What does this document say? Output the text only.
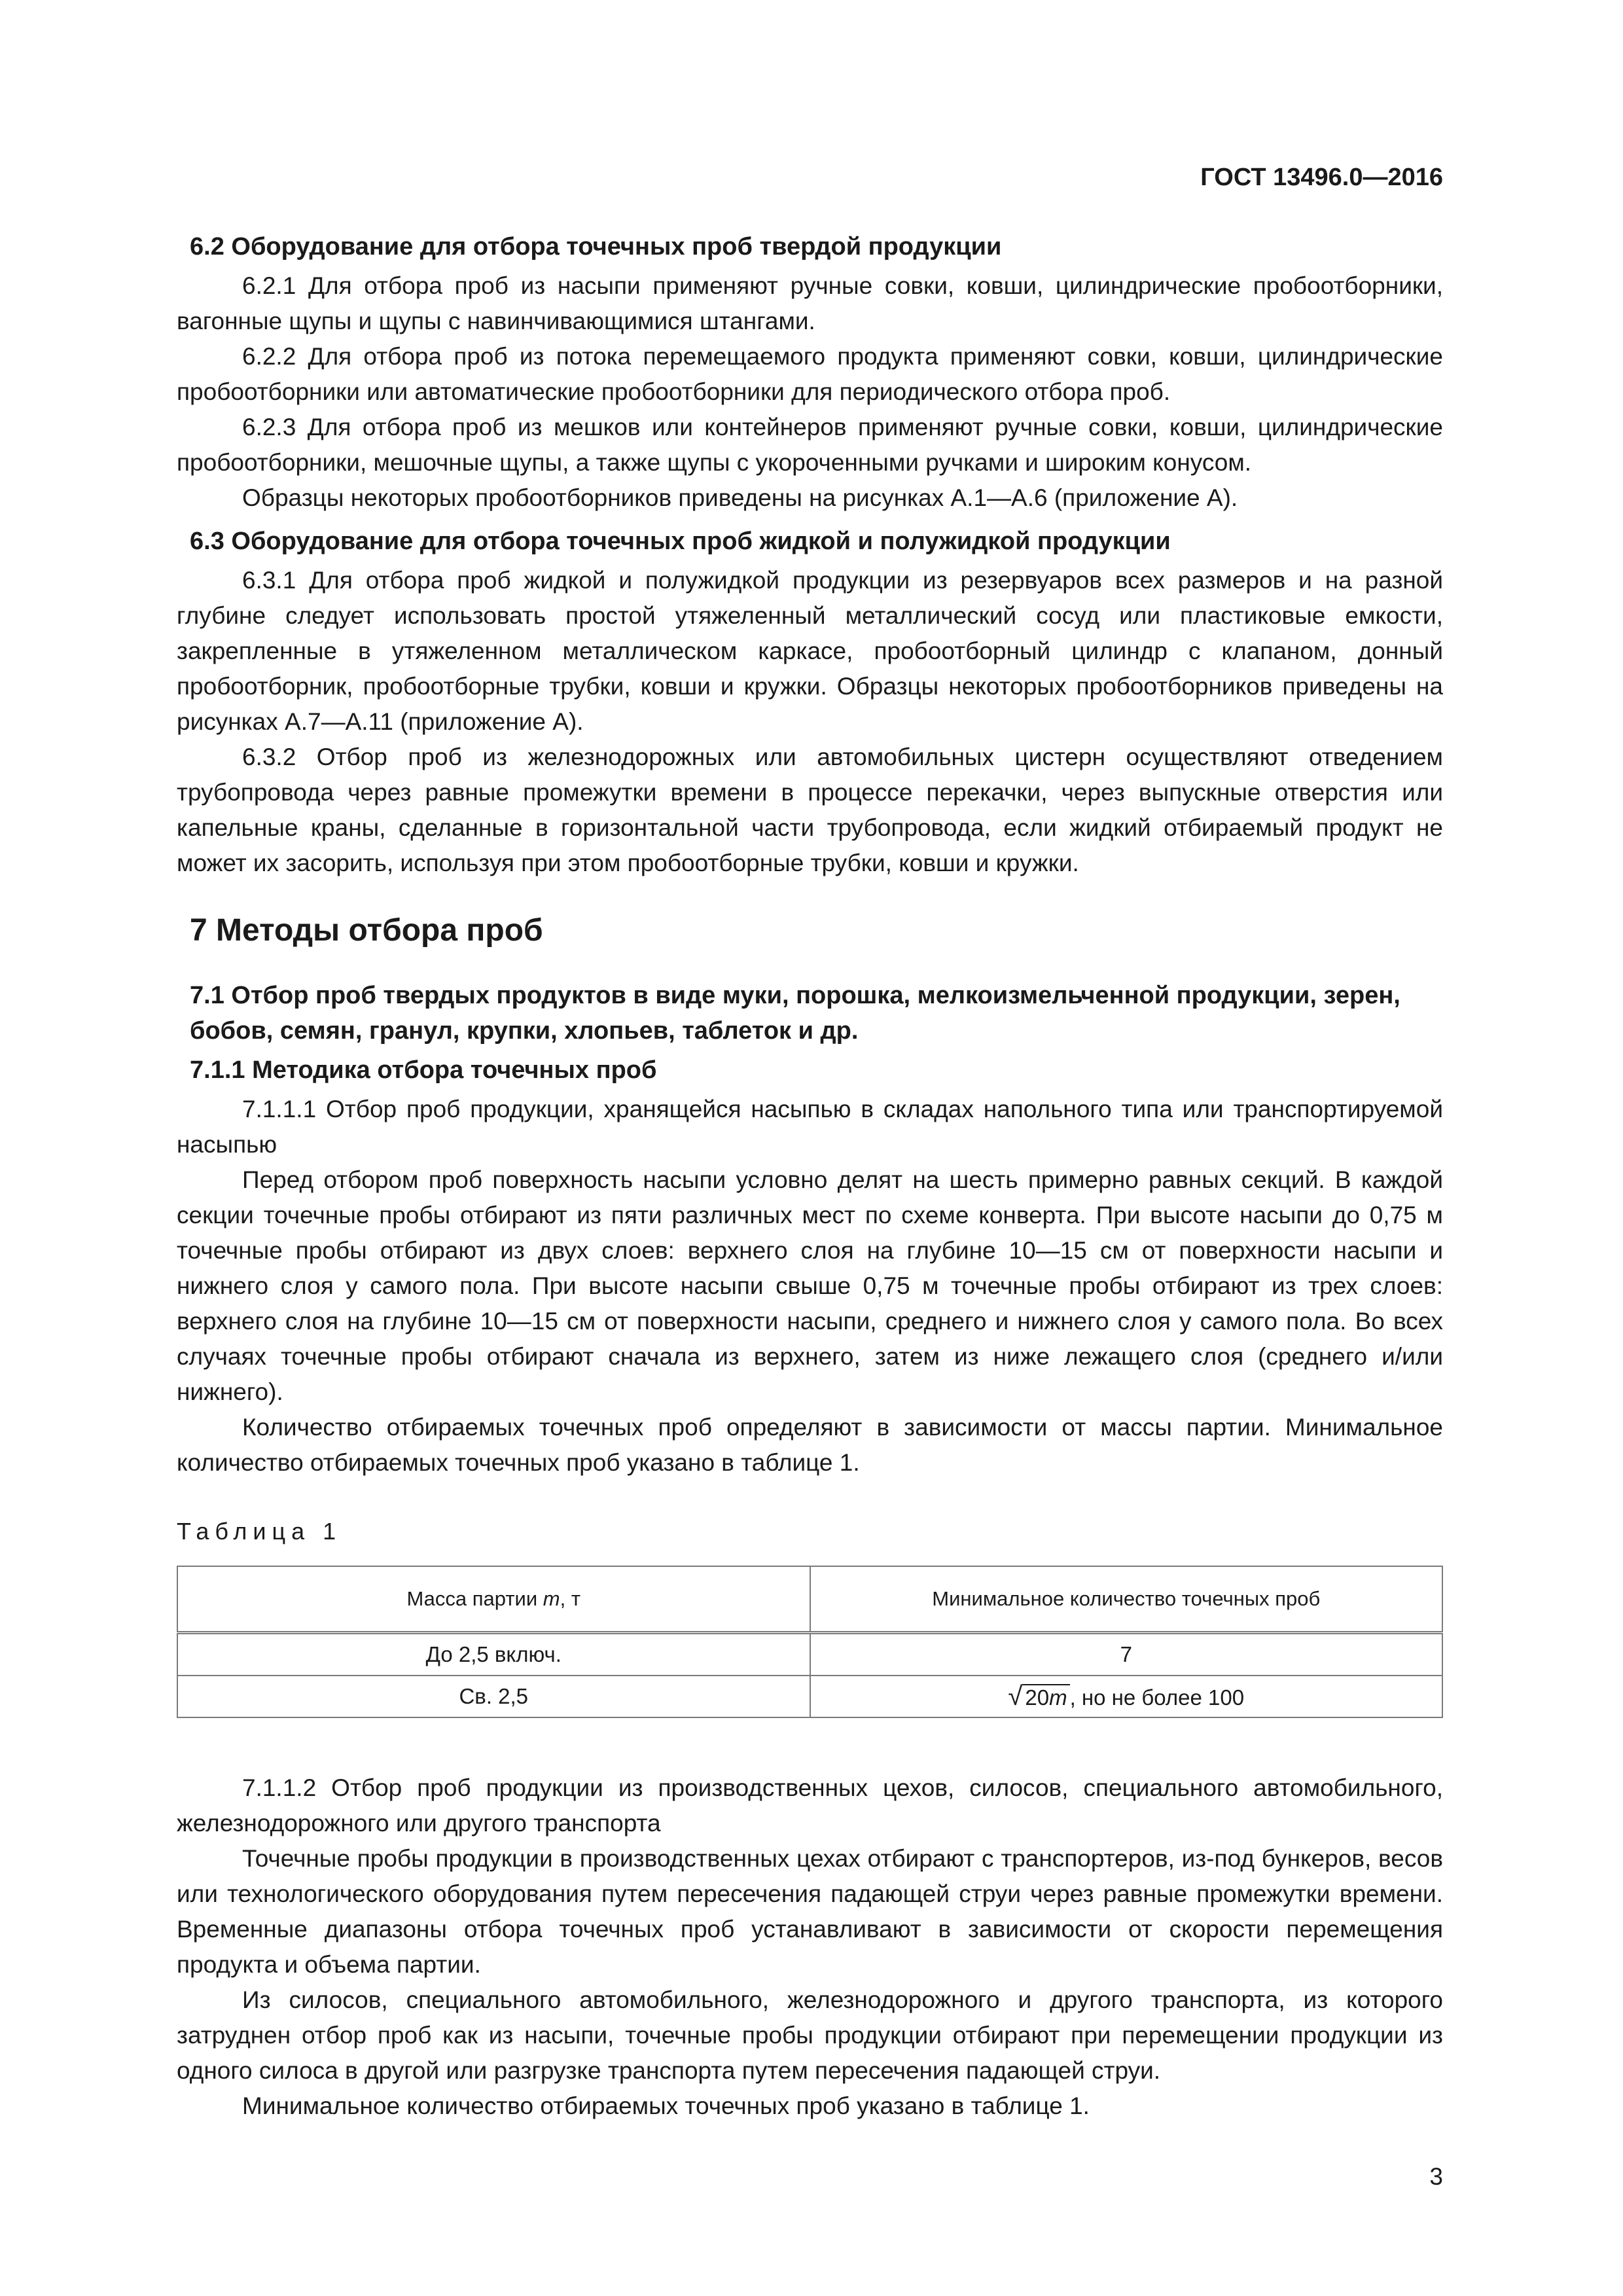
ГОСТ 13496.0—2016
6.2 Оборудование для отбора точечных проб твердой продукции

6.2.1 Для отбора проб из насыпи применяют ручные совки, ковши, цилиндрические пробоотборники, вагонные щупы и щупы с навинчивающимися штангами.

6.2.2 Для отбора проб из потока перемещаемого продукта применяют совки, ковши, цилиндрические пробоотборники или автоматические пробоотборники для периодического отбора проб.

6.2.3 Для отбора проб из мешков или контейнеров применяют ручные совки, ковши, цилиндрические пробоотборники, мешочные щупы, а также щупы с укороченными ручками и широким конусом.

Образцы некоторых пробоотборников приведены на рисунках А.1—А.6 (приложение А).

6.3 Оборудование для отбора точечных проб жидкой и полужидкой продукции

6.3.1 Для отбора проб жидкой и полужидкой продукции из резервуаров всех размеров и на разной глубине следует использовать простой утяжеленный металлический сосуд или пластиковые емкости, закрепленные в утяжеленном металлическом каркасе, пробоотборный цилиндр с клапаном, донный пробоотборник, пробоотборные трубки, ковши и кружки. Образцы некоторых пробоотборников приведены на рисунках А.7—А.11 (приложение А).

6.3.2 Отбор проб из железнодорожных или автомобильных цистерн осуществляют отведением трубопровода через равные промежутки времени в процессе перекачки, через выпускные отверстия или капельные краны, сделанные в горизонтальной части трубопровода, если жидкий отбираемый продукт не может их засорить, используя при этом пробоотборные трубки, ковши и кружки.

7 Методы отбора проб
7.1 Отбор проб твердых продуктов в виде муки, порошка, мелкоизмельченной продукции, зерен, бобов, семян, гранул, крупки, хлопьев, таблеток и др.
7.1.1 Методика отбора точечных проб

7.1.1.1 Отбор проб продукции, хранящейся насыпью в складах напольного типа или транспортируемой насыпью

Перед отбором проб поверхность насыпи условно делят на шесть примерно равных секций. В каждой секции точечные пробы отбирают из пяти различных мест по схеме конверта. При высоте насыпи до 0,75 м точечные пробы отбирают из двух слоев: верхнего слоя на глубине 10—15 см от поверхности насыпи и нижнего слоя у самого пола. При высоте насыпи свыше 0,75 м точечные пробы отбирают из трех слоев: верхнего слоя на глубине 10—15 см от поверхности насыпи, среднего и нижнего слоя у самого пола. Во всех случаях точечные пробы отбирают сначала из верхнего, затем из ниже лежащего слоя (среднего и/или нижнего).

Количество отбираемых точечных проб определяют в зависимости от массы партии. Минимальное количество отбираемых точечных проб указано в таблице 1.

Таблица 1
Масса партии m, т	Минимальное количество точечных проб
До 2,5 включ.	7
Св. 2,5	√ 20m , но не более 100

7.1.1.2 Отбор проб продукции из производственных цехов, силосов, специального автомобильного, железнодорожного или другого транспорта

Точечные пробы продукции в производственных цехах отбирают с транспортеров, из-под бункеров, весов или технологического оборудования путем пересечения падающей струи через равные промежутки времени. Временные диапазоны отбора точечных проб устанавливают в зависимости от скорости перемещения продукта и объема партии.

Из силосов, специального автомобильного, железнодорожного и другого транспорта, из которого затруднен отбор проб как из насыпи, точечные пробы продукции отбирают при перемещении продукции из одного силоса в другой или разгрузке транспорта путем пересечения падающей струи.

Минимальное количество отбираемых точечных проб указано в таблице 1.

3
